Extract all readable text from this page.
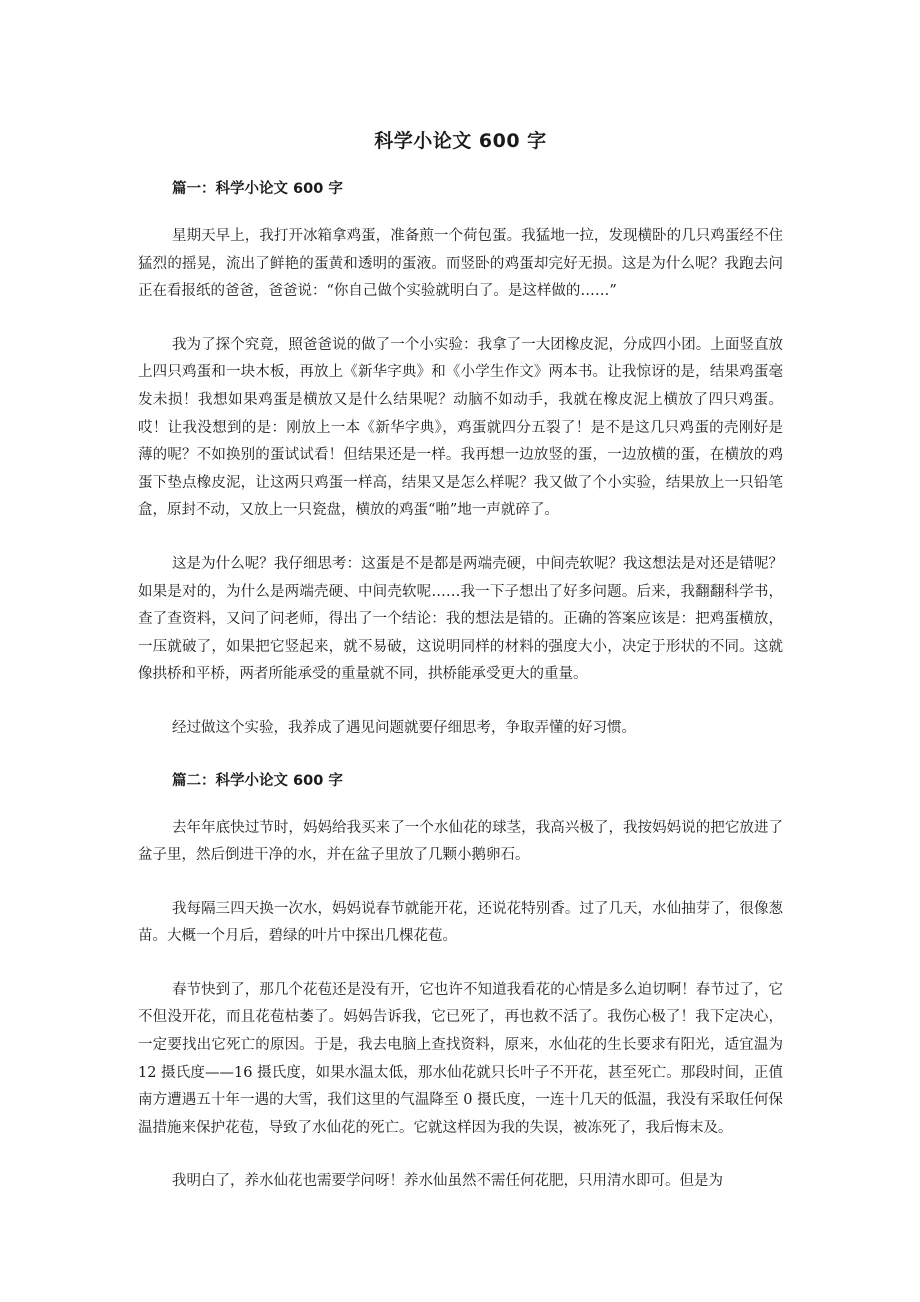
科学小论文 600 字
篇一：科学小论文 600 字

星期天早上，我打开冰箱拿鸡蛋，准备煎一个荷包蛋。我猛地一拉，发现横卧的几只鸡蛋经不住猛烈的摇晃，流出了鲜艳的蛋黄和透明的蛋液。而竖卧的鸡蛋却完好无损。这是为什么呢？我跑去问正在看报纸的爸爸，爸爸说：“你自己做个实验就明白了。是这样做的……”

我为了探个究竟，照爸爸说的做了一个小实验：我拿了一大团橡皮泥，分成四小团。上面竖直放上四只鸡蛋和一块木板，再放上《新华字典》和《小学生作文》两本书。让我惊讶的是，结果鸡蛋毫发未损！我想如果鸡蛋是横放又是什么结果呢？动脑不如动手，我就在橡皮泥上横放了四只鸡蛋。哎！让我没想到的是：刚放上一本《新华字典》，鸡蛋就四分五裂了！是不是这几只鸡蛋的壳刚好是薄的呢？不如换别的蛋试试看！但结果还是一样。我再想一边放竖的蛋，一边放横的蛋，在横放的鸡蛋下垫点橡皮泥，让这两只鸡蛋一样高，结果又是怎么样呢？我又做了个小实验，结果放上一只铅笔盒，原封不动，又放上一只瓷盘，横放的鸡蛋“啪”地一声就碎了。

这是为什么呢？我仔细思考：这蛋是不是都是两端壳硬，中间壳软呢？我这想法是对还是错呢？如果是对的，为什么是两端壳硬、中间壳软呢……我一下子想出了好多问题。后来，我翻翻科学书，查了查资料，又问了问老师，得出了一个结论：我的想法是错的。正确的答案应该是：把鸡蛋横放，一压就破了，如果把它竖起来，就不易破，这说明同样的材料的强度大小，决定于形状的不同。这就像拱桥和平桥，两者所能承受的重量就不同，拱桥能承受更大的重量。

经过做这个实验，我养成了遇见问题就要仔细思考，争取弄懂的好习惯。

篇二：科学小论文 600 字

去年年底快过节时，妈妈给我买来了一个水仙花的球茎，我高兴极了，我按妈妈说的把它放进了盆子里，然后倒进干净的水，并在盆子里放了几颗小鹅卵石。

我每隔三四天换一次水，妈妈说春节就能开花，还说花特别香。过了几天，水仙抽芽了，很像葱苗。大概一个月后，碧绿的叶片中探出几棵花苞。

春节快到了，那几个花苞还是没有开，它也许不知道我看花的心情是多么迫切啊！春节过了，它不但没开花，而且花苞枯萎了。妈妈告诉我，它已死了，再也救不活了。我伤心极了！我下定决心，一定要找出它死亡的原因。于是，我去电脑上查找资料，原来，水仙花的生长要求有阳光，适宜温为 12 摄氏度——16 摄氏度，如果水温太低，那水仙花就只长叶子不开花，甚至死亡。那段时间，正值南方遭遇五十年一遇的大雪，我们这里的气温降至 0 摄氏度，一连十几天的低温，我没有采取任何保温措施来保护花苞，导致了水仙花的死亡。它就这样因为我的失误，被冻死了，我后悔末及。

我明白了，养水仙花也需要学问呀！养水仙虽然不需任何花肥，只用清水即可。但是为
